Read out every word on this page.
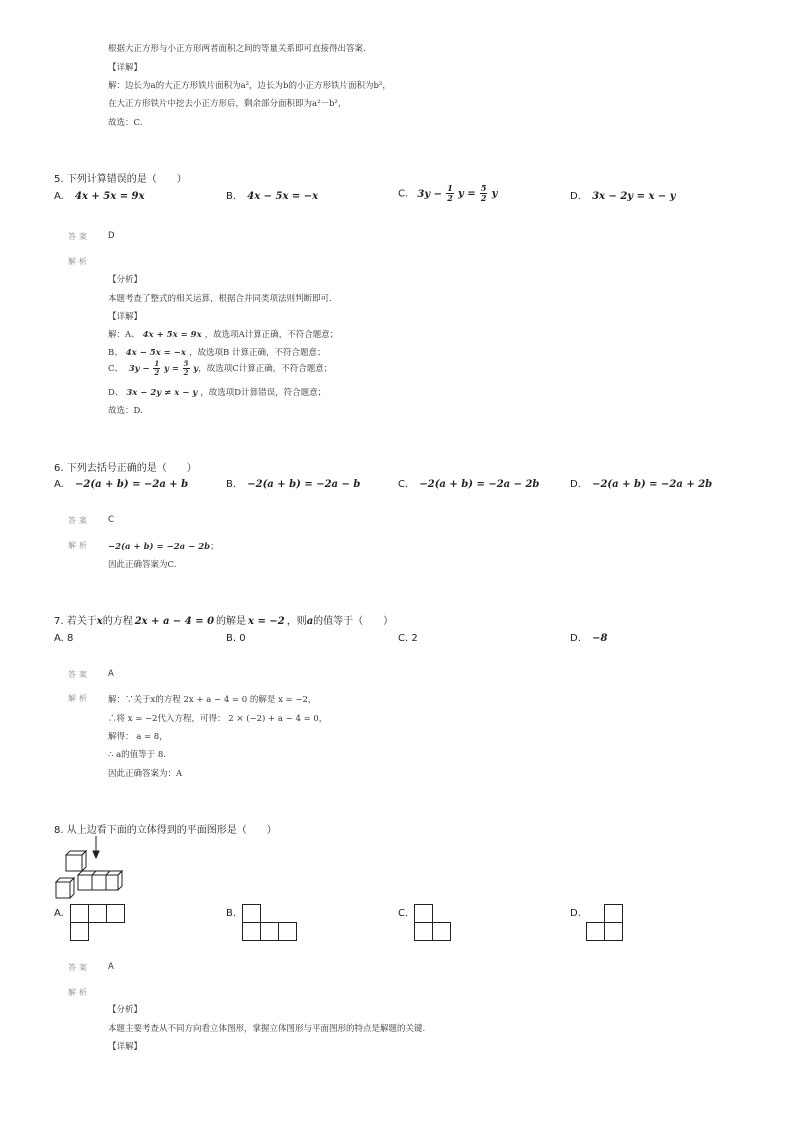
根据大正方形与小正方形两者面积之间的等量关系即可直接得出答案.
【详解】
解：边长为a的大正方形铁片面积为a²，边长为b的小正方形铁片面积为b²，
在大正方形铁片中挖去小正方形后，剩余部分面积即为a²－b²，
故选：C.
5. 下列计算错误的是（　　）
A. 4x + 5x = 9x	B. 4x − 5x = −x	C. $3y - \frac{1}{2}$ $y = \frac{5}{2}$ y	D. 3x − 2y = x − y
答案 D
解析
【分析】
本题考查了整式的相关运算，根据合并同类项法则判断即可.
【详解】
解：A、 4x + 5x = 9x ，故选项A计算正确，不符合题意；
B、 4x − 5x = −x ，故选项B 计算正确，不符合题意；
C、 $3y - \frac{1}{2}$ $y = \frac{5}{2}$ y，故选项C计算正确，不符合题意；
D、 3x − 2y ≠ x − y ，故选项D计算错误，符合题意；
故选：D.
6. 下列去括号正确的是（　　）
A. −2(a + b) = −2a + b	B. −2(a + b) = −2a − b	C. −2(a + b) = −2a − 2b	D. −2(a + b) = −2a + 2b
答案 C
解析 −2(a + b) = −2a − 2b；
因此正确答案为C.
7. 若关于x的方程 2x + a − 4 = 0 的解是 x = −2 ，则a的值等于（　　）
A. 8	B. 0	C. 2	D. −8
答案 A
解析 解：∵关于x的方程 2x + a − 4 = 0 的解是 x = −2，
∴将 x = −2代入方程，可得： 2 × (−2) + a − 4 = 0，
解得： a = 8，
∴ a的值等于 8.
因此正确答案为：A
8. 从上边看下面的立体得到的平面图形是（　　）
A.	B.	C.	D.
答案 A
解析
【分析】
本题主要考查从不同方向看立体图形，掌握立体图形与平面图形的特点是解题的关键.
【详解】
